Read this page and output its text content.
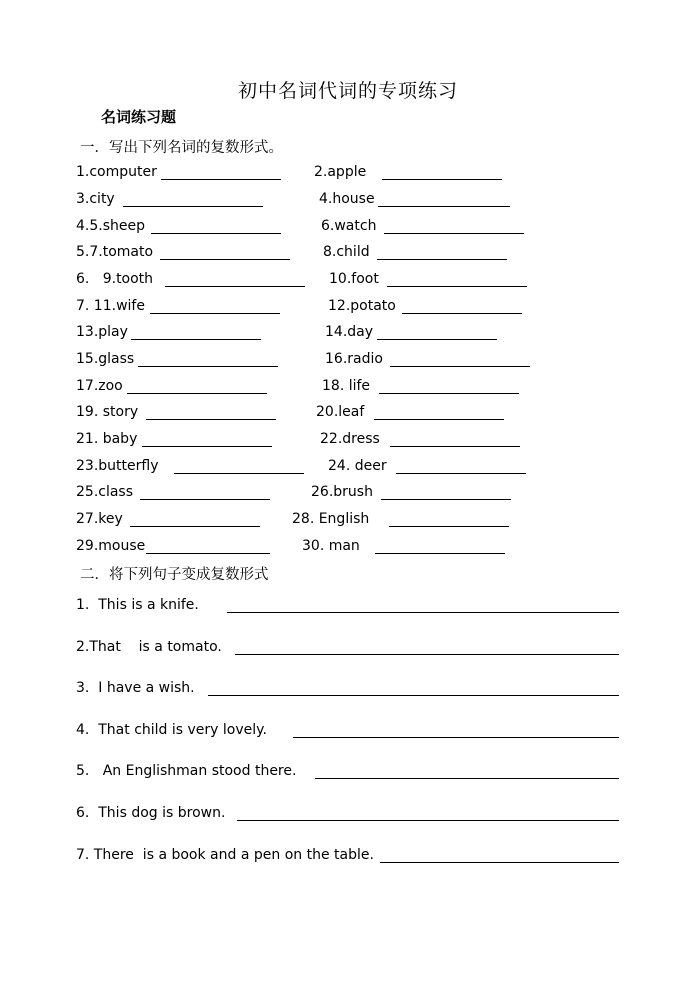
初中名词代词的专项练习
名词练习题
一．写出下列名词的复数形式。
1.computer	2.apple
3.city	4.house
4.5.sheep	6.watch
5.7.tomato	8.child
6.   9.tooth	10.foot
7. 11.wife	12.potato
13.play	14.day
15.glass	16.radio
17.zoo	18. life
19. story	20.leaf
21. baby	22.dress
23.butterfly	24. deer
25.class	26.brush
27.key	28. English
29.mouse	30. man
二．将下列句子变成复数形式
1.  This is a knife.
2.That    is a tomato.
3.  I have a wish.
4.  That child is very lovely.
5.   An Englishman stood there.
6.  This dog is brown.
7. There  is a book and a pen on the table.
